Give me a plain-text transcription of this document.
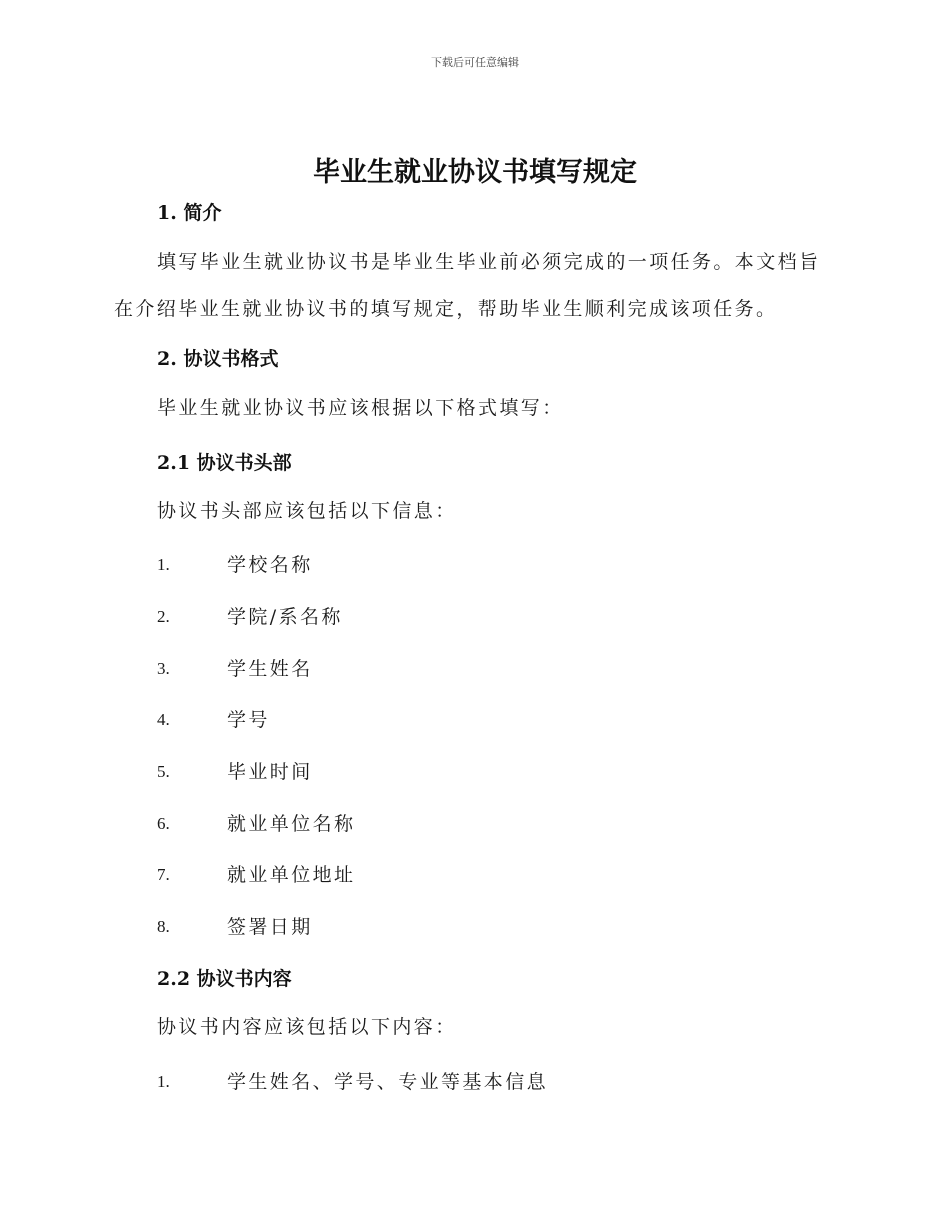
下载后可任意编辑

毕业生就业协议书填写规定
1. 简介

填写毕业生就业协议书是毕业生毕业前必须完成的一项任务。本文档旨在介绍毕业生就业协议书的填写规定，帮助毕业生顺利完成该项任务。

2. 协议书格式

毕业生就业协议书应该根据以下格式填写：

2.1 协议书头部

协议书头部应该包括以下信息：

1.	学校名称
2.	学院/系名称
3.	学生姓名
4.	学号
5.	毕业时间
6.	就业单位名称
7.	就业单位地址
8.	签署日期
2.2 协议书内容

协议书内容应该包括以下内容：

1.	学生姓名、学号、专业等基本信息
